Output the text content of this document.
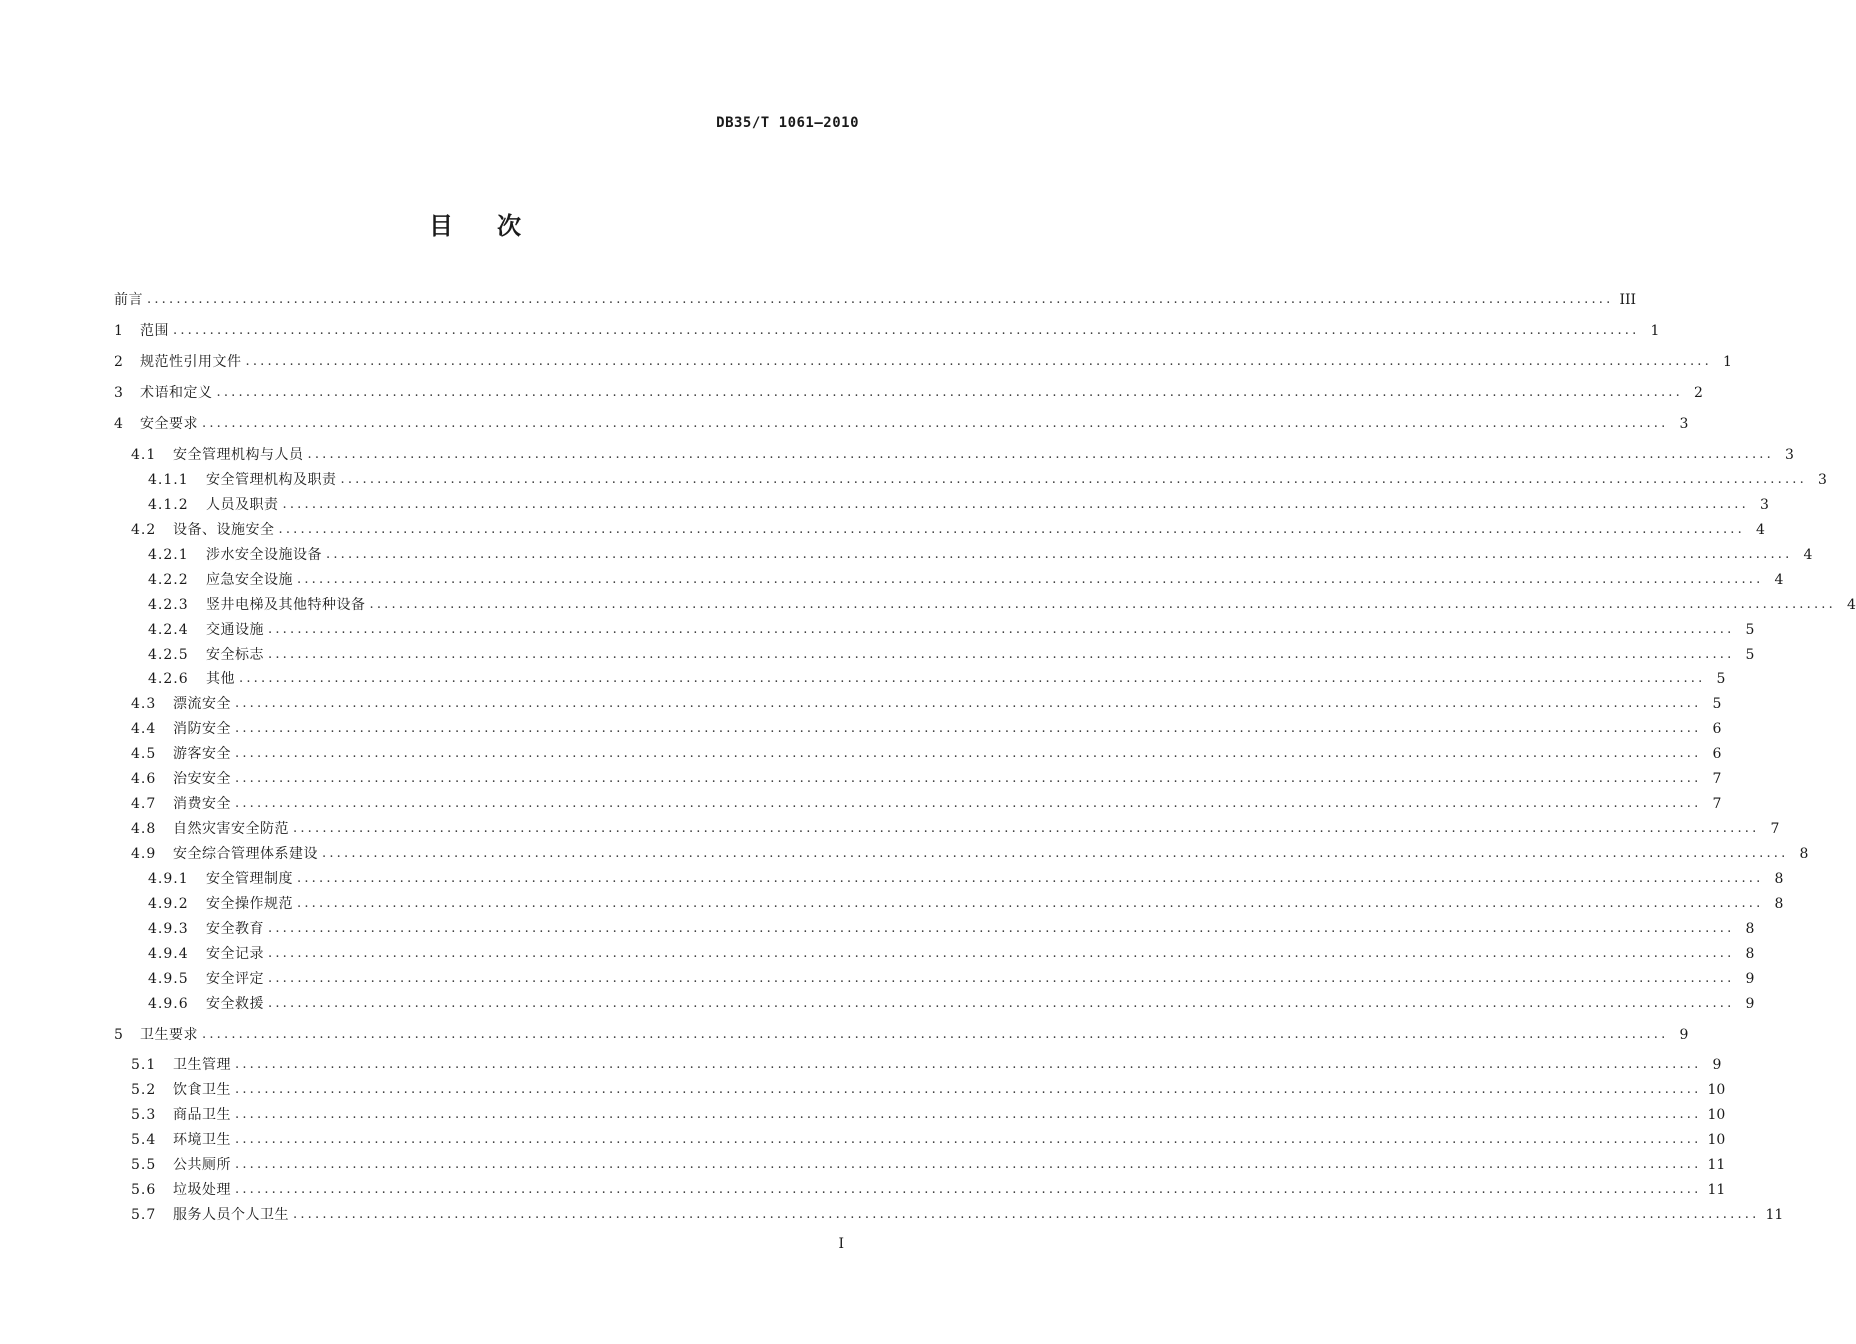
DB35/T 1061—2010
目 次
前言 ........................................................................................................................................................................................................ III
1	范围 ........................................................................................................................................................................................................ 1
2	规范性引用文件 ........................................................................................................................................................................................................ 1
3	术语和定义 ........................................................................................................................................................................................................ 2
4	安全要求 ........................................................................................................................................................................................................ 3
4.1	安全管理机构与人员 ........................................................................................................................................................................................................ 3
4.1.1	安全管理机构及职责 ........................................................................................................................................................................................................ 3
4.1.2	人员及职责 ........................................................................................................................................................................................................ 3
4.2	设备、设施安全 ........................................................................................................................................................................................................ 4
4.2.1	涉水安全设施设备 ........................................................................................................................................................................................................ 4
4.2.2	应急安全设施 ........................................................................................................................................................................................................ 4
4.2.3	竖井电梯及其他特种设备 ........................................................................................................................................................................................................ 4
4.2.4	交通设施 ........................................................................................................................................................................................................ 5
4.2.5	安全标志 ........................................................................................................................................................................................................ 5
4.2.6	其他 ........................................................................................................................................................................................................ 5
4.3	漂流安全 ........................................................................................................................................................................................................ 5
4.4	消防安全 ........................................................................................................................................................................................................ 6
4.5	游客安全 ........................................................................................................................................................................................................ 6
4.6	治安安全 ........................................................................................................................................................................................................ 7
4.7	消费安全 ........................................................................................................................................................................................................ 7
4.8	自然灾害安全防范 ........................................................................................................................................................................................................ 7
4.9	安全综合管理体系建设 ........................................................................................................................................................................................................ 8
4.9.1	安全管理制度 ........................................................................................................................................................................................................ 8
4.9.2	安全操作规范 ........................................................................................................................................................................................................ 8
4.9.3	安全教育 ........................................................................................................................................................................................................ 8
4.9.4	安全记录 ........................................................................................................................................................................................................ 8
4.9.5	安全评定 ........................................................................................................................................................................................................ 9
4.9.6	安全救援 ........................................................................................................................................................................................................ 9
5	卫生要求 ........................................................................................................................................................................................................ 9
5.1	卫生管理 ........................................................................................................................................................................................................ 9
5.2	饮食卫生 ........................................................................................................................................................................................................ 10
5.3	商品卫生 ........................................................................................................................................................................................................ 10
5.4	环境卫生 ........................................................................................................................................................................................................ 10
5.5	公共厕所 ........................................................................................................................................................................................................ 11
5.6	垃圾处理 ........................................................................................................................................................................................................ 11
5.7	服务人员个人卫生 ........................................................................................................................................................................................................ 11
I
